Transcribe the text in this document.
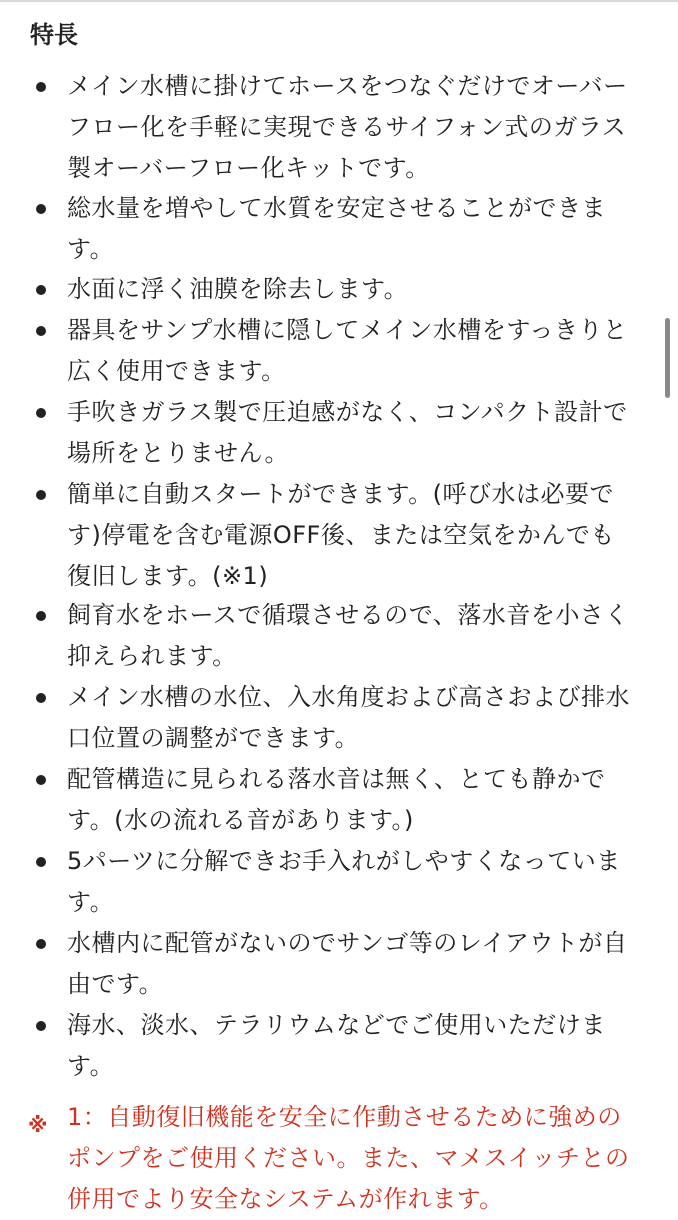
特長
メイン水槽に掛けてホースをつなぐだけでオーバー
フロー化を手軽に実現できるサイフォン式のガラス
製オーバーフロー化キットです。
総水量を増やして水質を安定させることができま
す。
水面に浮く油膜を除去します。
器具をサンプ水槽に隠してメイン水槽をすっきりと
広く使用できます。
手吹きガラス製で圧迫感がなく、コンパクト設計で
場所をとりません。
簡単に自動スタートができます。(呼び水は必要で
す)停電を含む電源OFF後、または空気をかんでも
復旧します。(※1)
飼育水をホースで循環させるので、落水音を小さく
抑えられます。
メイン水槽の水位、入水角度および高さおよび排水
口位置の調整ができます。
配管構造に見られる落水音は無く、とても静かで
す。(水の流れる音があります。)
5パーツに分解できお手入れがしやすくなっていま
す。
水槽内に配管がないのでサンゴ等のレイアウトが自
由です。
海水、淡水、テラリウムなどでご使用いただけま
す。
※ 1：自動復旧機能を安全に作動させるために強めの
ポンプをご使用ください。また、マメスイッチとの
併用でより安全なシステムが作れます。
